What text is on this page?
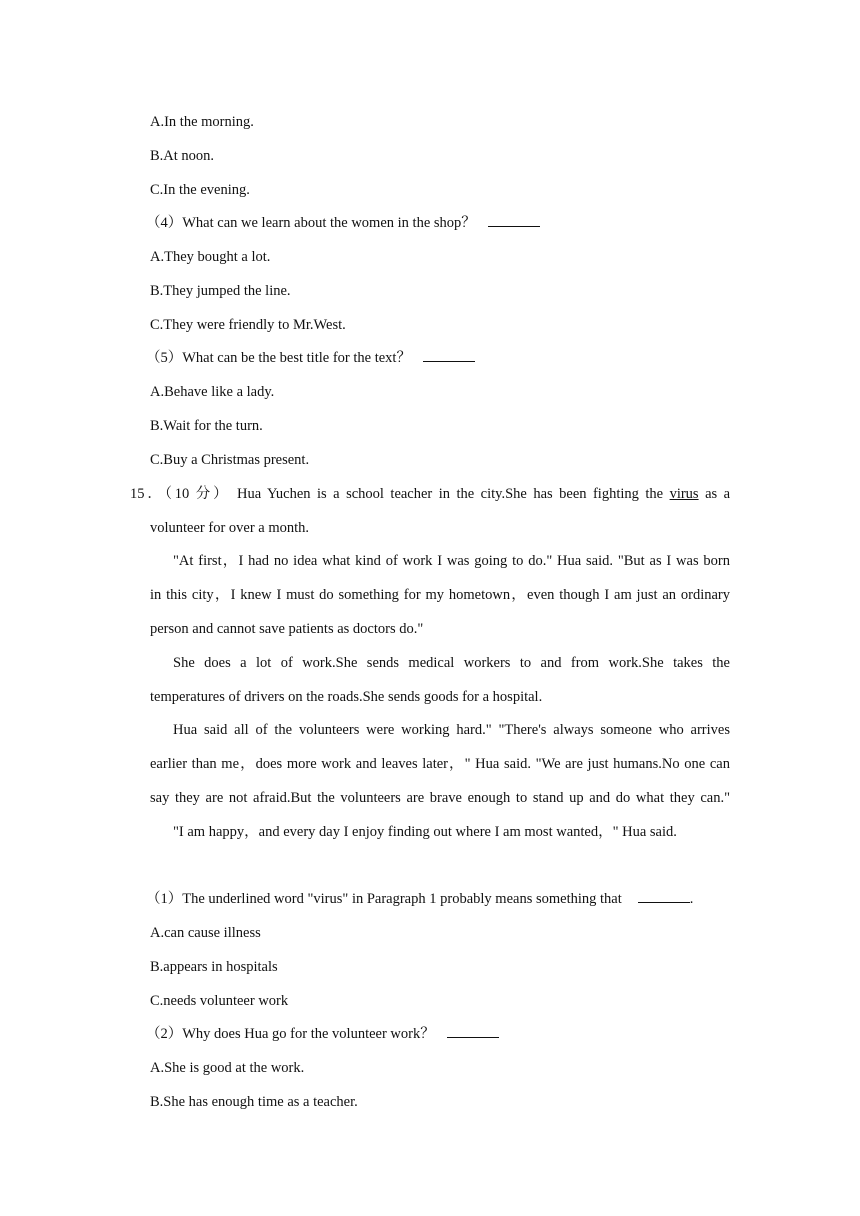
A.In the morning.
B.At noon.
C.In the evening.
（4）What can we learn about the women in the shop？
A.They bought a lot.
B.They jumped the line.
C.They were friendly to Mr.West.
（5）What can be the best title for the text？
A.Behave like a lady.
B.Wait for the turn.
C.Buy a Christmas present.
15．（10 分） Hua Yuchen is a school teacher in the city.She has been fighting the virus as a
volunteer for over a month.
"At first，I had no idea what kind of work I was going to do." Hua said. "But as I was born
in this city，I knew I must do something for my hometown，even though I am just an ordinary
person and cannot save patients as doctors do."
She does a lot of work.She sends medical workers to and from work.She takes the
temperatures of drivers on the roads.She sends goods for a hospital.
Hua said all of the volunteers were working hard." "There's always someone who arrives
earlier than me，does more work and leaves later，" Hua said. "We are just humans.No one can
say they are not afraid.But the volunteers are brave enough to stand up and do what they can."
"I am happy，and every day I enjoy finding out where I am most wanted，" Hua said.
（1）The underlined word "virus" in Paragraph 1 probably means something that	.
A.can cause illness
B.appears in hospitals
C.needs volunteer work
（2）Why does Hua go for the volunteer work？
A.She is good at the work.
B.She has enough time as a teacher.
